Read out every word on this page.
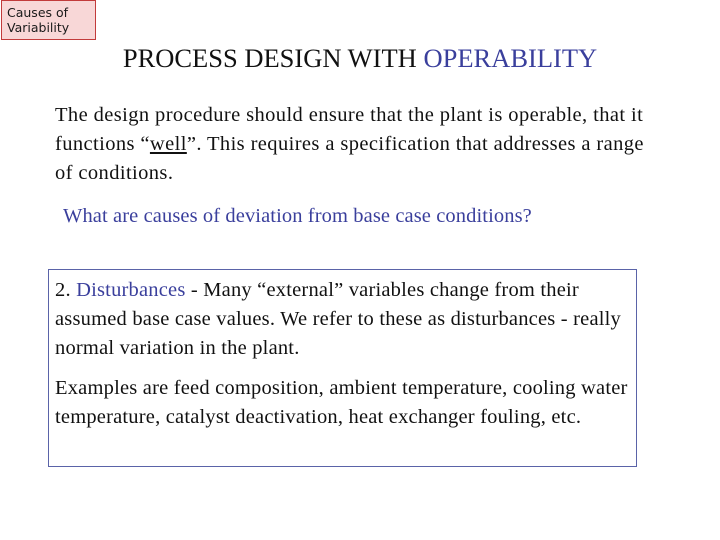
Causes of
Variability
PROCESS DESIGN WITH OPERABILITY
The design procedure should ensure that the plant is operable, that it functions “well”. This requires a specification that addresses a range of conditions.
What are causes of deviation from base case conditions?
2. Disturbances - Many “external” variables change from their assumed base case values. We refer to these as disturbances - really normal variation in the plant.
Examples are feed composition, ambient temperature, cooling water temperature, catalyst deactivation, heat exchanger fouling, etc.
